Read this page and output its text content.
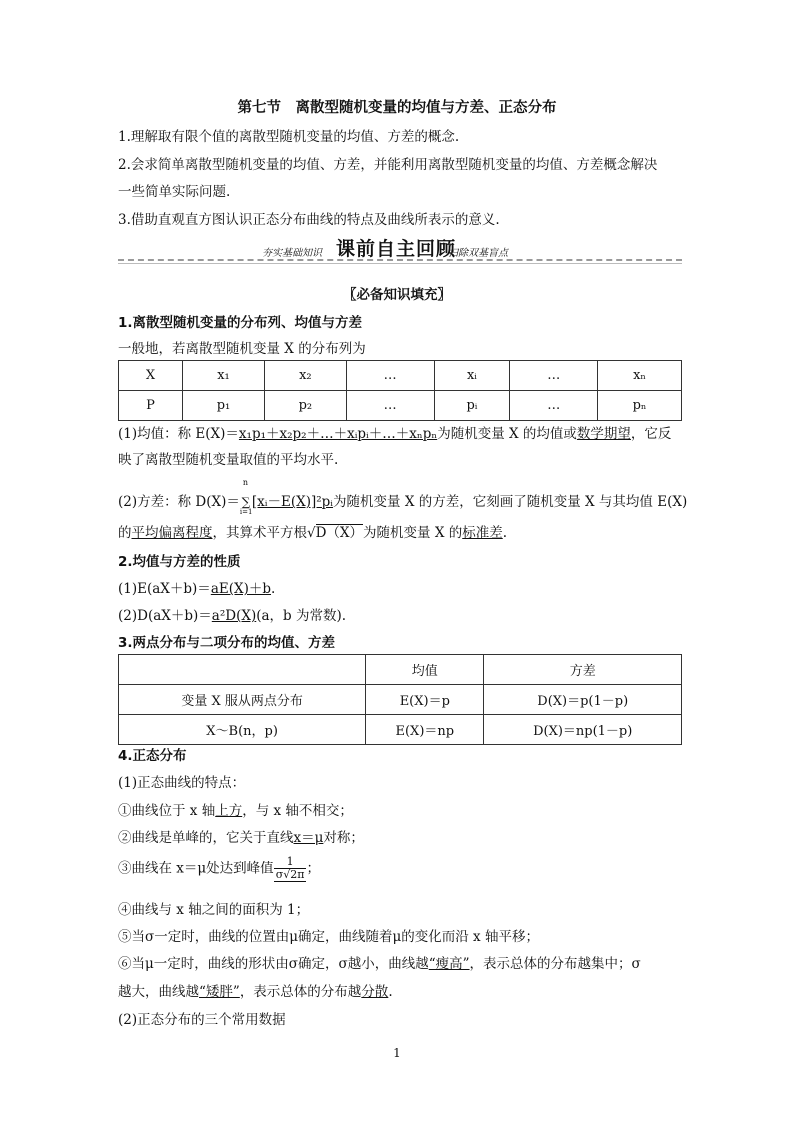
第七节　离散型随机变量的均值与方差、正态分布
1.理解取有限个值的离散型随机变量的均值、方差的概念.
2.会求简单离散型随机变量的均值、方差，并能利用离散型随机变量的均值、方差概念解决
一些简单实际问题.
3.借助直观直方图认识正态分布曲线的特点及曲线所表示的意义.
夯实基础知识 课前自主回顾
扫除双基盲点
〖必备知识填充〗
1.离散型随机变量的分布列、均值与方差
一般地，若离散型随机变量 X 的分布列为
X	x₁	x₂	…	xᵢ	…	xₙ
P	p₁	p₂	…	pᵢ	…	pₙ
(1)均值：称 E(X)＝x₁p₁＋x₂p₂＋…＋xᵢpᵢ＋…＋xₙpₙ为随机变量 X 的均值或数学期望，它反
映了离散型随机变量取值的平均水平.
(2)方差：称 D(X)＝
n
∑
i=1
[xᵢ－E(X)]²pᵢ为随机变量 X 的方差，它刻画了随机变量 X 与其均值 E(X)
的平均偏离程度，其算术平方根√D（X）为随机变量 X 的标准差.
2.均值与方差的性质
(1)E(aX＋b)＝aE(X)＋b.
(2)D(aX＋b)＝a²D(X)(a，b 为常数).
3.两点分布与二项分布的均值、方差
	均值	方差
变量 X 服从两点分布	E(X)＝p	D(X)＝p(1－p)
X～B(n，p)	E(X)＝np	D(X)＝np(1－p)
4.正态分布
(1)正态曲线的特点：
①曲线位于 x 轴上方，与 x 轴不相交；
②曲线是单峰的，它关于直线x＝μ对称；
③曲线在 x＝μ处达到峰值 $\frac{1}{\sigma√2\pi}$ ；
④曲线与 x 轴之间的面积为 1；
⑤当σ一定时，曲线的位置由μ确定，曲线随着μ的变化而沿 x 轴平移；
⑥当μ一定时，曲线的形状由σ确定，σ越小，曲线越“瘦高”，表示总体的分布越集中；σ
越大，曲线越“矮胖”，表示总体的分布越分散.
(2)正态分布的三个常用数据
1
